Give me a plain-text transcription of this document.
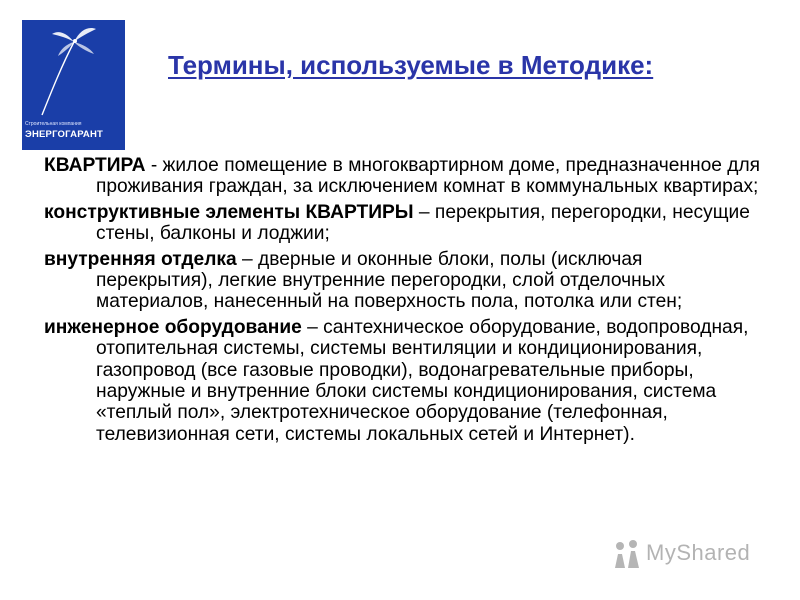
Строительная компания
ЭНЕРГОГАРАНТ
Термины, используемые в Методике:

КВАРТИРА - жилое помещение в многоквартирном доме, предназначенное для проживания граждан, за исключением комнат в коммунальных квартирах;

конструктивные элементы КВАРТИРЫ – перекрытия, перегородки, несущие стены, балконы и лоджии;

внутренняя отделка – дверные и оконные блоки, полы (исключая перекрытия), легкие внутренние перегородки, слой отделочных материалов, нанесенный на поверхность пола, потолка или стен;

инженерное оборудование – сантехническое оборудование, водопроводная, отопительная системы, системы вентиляции и кондиционирования, газопровод (все газовые проводки), водонагревательные приборы, наружные и внутренние блоки системы кондиционирования, система «теплый пол», электротехническое оборудование (телефонная, телевизионная сети, системы локальных сетей и Интернет).

MyShared
